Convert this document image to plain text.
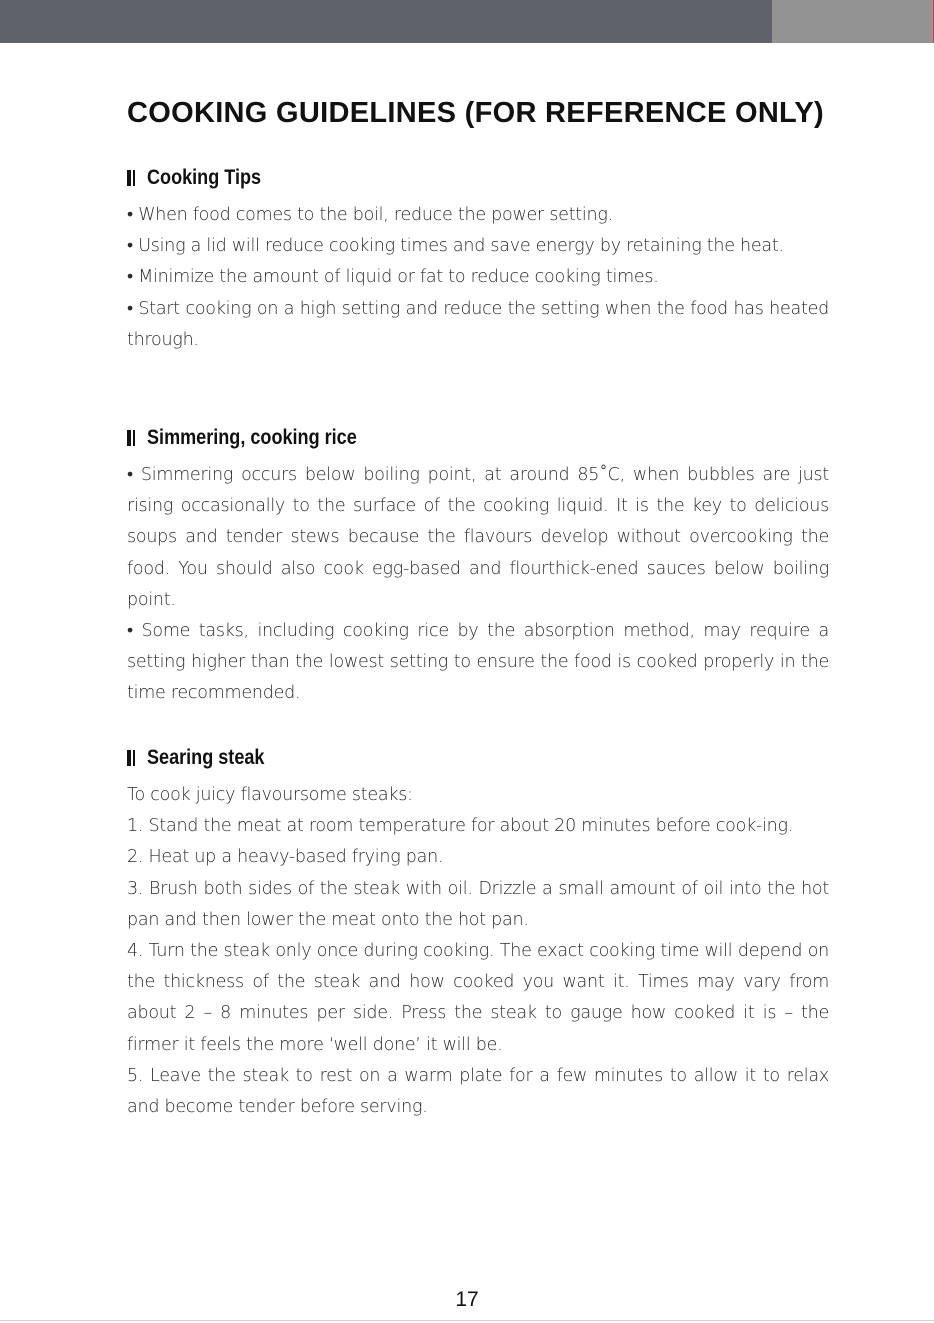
COOKING GUIDELINES (FOR REFERENCE ONLY)
Cooking Tips

• When food comes to the boil, reduce the power setting.

• Using a lid will reduce cooking times and save energy by retaining the heat.

• Minimize the amount of liquid or fat to reduce cooking times.

• Start cooking on a high setting and reduce the setting when the food has heated through.

Simmering, cooking rice

• Simmering occurs below boiling point, at around 85˚C, when bubbles are just rising occasionally to the surface of the cooking liquid. It is the key to delicious soups and tender stews because the flavours develop without overcooking the food. You should also cook egg-based and flourthick-ened sauces below boiling point.

• Some tasks, including cooking rice by the absorption method, may require a setting higher than the lowest setting to ensure the food is cooked properly in the time recommended.

Searing steak

To cook juicy flavoursome steaks:

1. Stand the meat at room temperature for about 20 minutes before cook-ing.

2. Heat up a heavy-based frying pan.

3. Brush both sides of the steak with oil. Drizzle a small amount of oil into the hot pan and then lower the meat onto the hot pan.

4. Turn the steak only once during cooking. The exact cooking time will depend on the thickness of the steak and how cooked you want it. Times may vary from about 2 – 8 minutes per side. Press the steak to gauge how cooked it is – the firmer it feels the more ‘well done’ it will be.

5. Leave the steak to rest on a warm plate for a few minutes to allow it to relax and become tender before serving.

17
